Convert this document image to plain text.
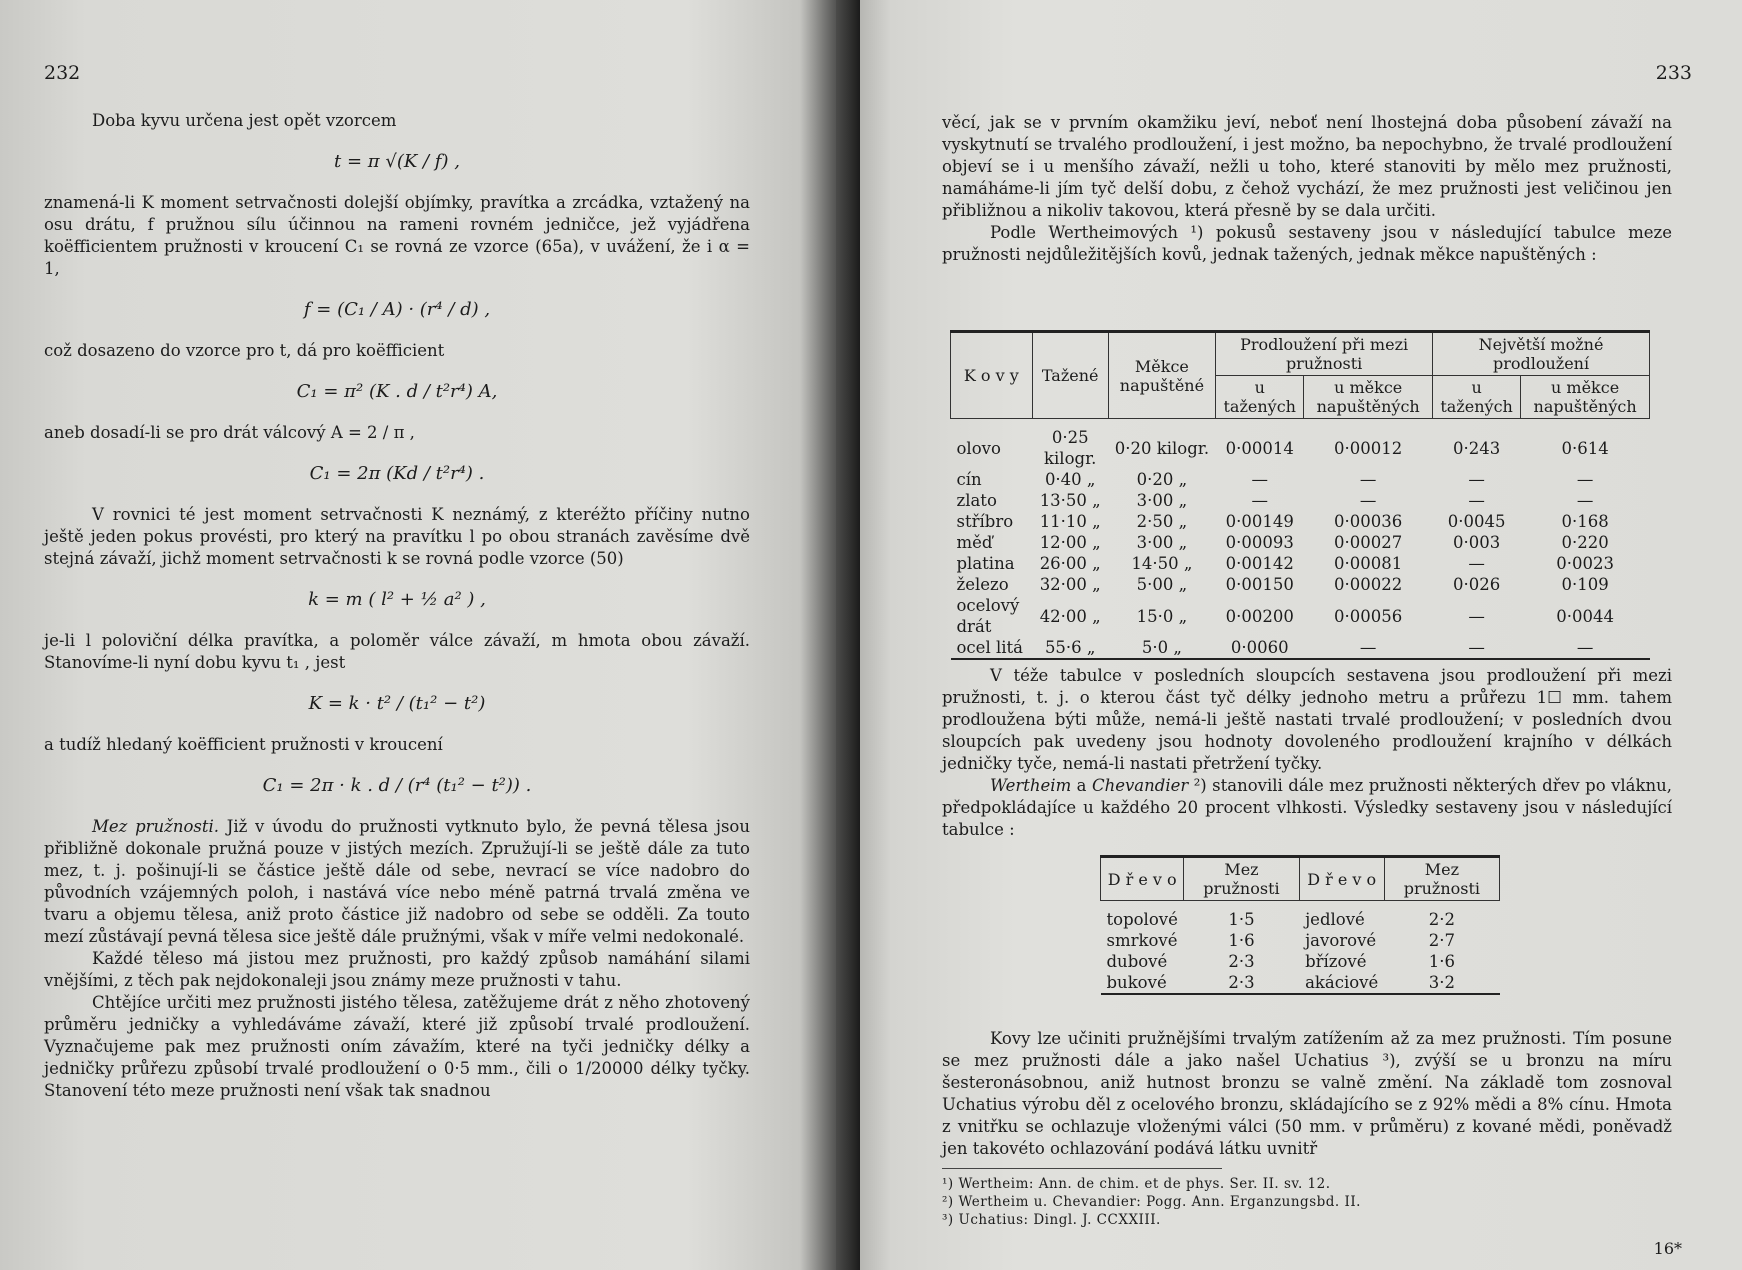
232

Doba kyvu určena jest opět vzorcem

t = π √(K / f) ,

znamená-li K moment setrvačnosti dolejší objímky, pravítka a zrcádka, vztažený na osu drátu, f pružnou sílu účinnou na rameni rovném jedničce, jež vyjádřena koëfficientem pružnosti v kroucení C₁ se rovná ze vzorce (65a), v uvážení, že i α = 1,

f = (C₁ / A) · (r⁴ / d) ,

což dosazeno do vzorce pro t, dá pro koëfficient

C₁ = π² (K . d / t²r⁴) A,

aneb dosadí-li se pro drát válcový A = 2 / π ,

C₁ = 2π (Kd / t²r⁴) .

V rovnici té jest moment setrvačnosti K neznámý, z kteréžto příčiny nutno ještě jeden pokus provésti, pro který na pravítku l po obou stranách zavěsíme dvě stejná závaží, jichž moment setrvačnosti k se rovná podle vzorce (50)

k = m ( l² + ½ a² ) ,

je-li l poloviční délka pravítka, a poloměr válce závaží, m hmota obou závaží. Stanovíme-li nyní dobu kyvu t₁ , jest

K = k · t² / (t₁² − t²)

a tudíž hledaný koëfficient pružnosti v kroucení

C₁ = 2π · k . d / (r⁴ (t₁² − t²)) .

Mez pružnosti. Již v úvodu do pružnosti vytknuto bylo, že pevná tělesa jsou přibližně dokonale pružná pouze v jistých mezích. Zpružují-li se ještě dále za tuto mez, t. j. pošinují-li se částice ještě dále od sebe, nevrací se více nadobro do původních vzájemných poloh, i nastává více nebo méně patrná trvalá změna ve tvaru a objemu tělesa, aniž proto částice již nadobro od sebe se odděli. Za touto mezí zůstávají pevná tělesa sice ještě dále pružnými, však v míře velmi nedokonalé.

Každé těleso má jistou mez pružnosti, pro každý způsob namáhání silami vnějšími, z těch pak nejdokonaleji jsou známy meze pružnosti v tahu.

Chtějíce určiti mez pružnosti jistého tělesa, zatěžujeme drát z něho zhotovený průměru jedničky a vyhledáváme závaží, které již způsobí trvalé prodloužení. Vyznačujeme pak mez pružnosti oním závažím, které na tyči jedničky délky a jedničky průřezu způsobí trvalé prodloužení o 0·5 mm., čili o 1/20000 délky tyčky. Stanovení této meze pružnosti není však tak snadnou

233

věcí, jak se v prvním okamžiku jeví, neboť není lhostejná doba působení závaží na vyskytnutí se trvalého prodloužení, i jest možno, ba nepochybno, že trvalé prodloužení objeví se i u menšího závaží, nežli u toho, které stanoviti by mělo mez pružnosti, namáháme-li jím tyč delší dobu, z čehož vychází, že mez pružnosti jest veličinou jen přibližnou a nikoliv takovou, která přesně by se dala určiti.

Podle Wertheimových ¹) pokusů sestaveny jsou v následující tabulce meze pružnosti nejdůležitějších kovů, jednak tažených, jednak měkce napuštěných :

V téže tabulce v posledních sloupcích sestavena jsou prodloužení při mezi pružnosti, t. j. o kterou část tyč délky jednoho metru a průřezu 1☐ mm. tahem prodloužena býti může, nemá-li ještě nastati trvalé prodloužení; v posledních dvou sloupcích pak uvedeny jsou hodnoty dovoleného prodloužení krajního v délkách jedničky tyče, nemá-li nastati přetržení tyčky.

Wertheim a Chevandier ²) stanovili dále mez pružnosti některých dřev po vláknu, předpokládajíce u každého 20 procent vlhkosti. Výsledky sestaveny jsou v následující tabulce :

Kovy lze učiniti pružnějšími trvalým zatížením až za mez pružnosti. Tím posune se mez pružnosti dále a jako našel Uchatius ³), zvýší se u bronzu na míru šesteronásobnou, aniž hutnost bronzu se valně změní. Na základě tom zosnoval Uchatius výrobu děl z ocelového bronzu, skládajícího se z 92% mědi a 8% cínu. Hmota z vnitřku se ochlazuje vloženými válci (50 mm. v průměru) z kované mědi, poněvadž jen takovéto ochlazování podává látku uvnitř

¹) Wertheim: Ann. de chim. et de phys. Ser. II. sv. 12.
²) Wertheim u. Chevandier: Pogg. Ann. Erganzungsbd. II.
³) Uchatius: Dingl. J. CCXXIII.
16*
K o v y	Tažené	Měkce napuštěné	Prodloužení při mezi pružnosti		Největší možné prodloužení	
			u tažených	u měkce napuštěných	u tažených	u měkce napuštěných
olovo	0·25 kilogr.	0·20 kilogr.	0·00014	0·00012	0·243	0·614
cín	0·40 „	0·20 „	—	—	—	—
zlato	13·50 „	3·00 „	—	—	—	—
stříbro	11·10 „	2·50 „	0·00149	0·00036	0·0045	0·168
měď	12·00 „	3·00 „	0·00093	0·00027	0·003	0·220
platina	26·00 „	14·50 „	0·00142	0·00081	—	0·0023
železo	32·00 „	5·00 „	0·00150	0·00022	0·026	0·109
ocelový drát	42·00 „	15·0 „	0·00200	0·00056	—	0·0044
ocel litá	55·6 „	5·0 „	0·0060	—	—	—
D ř e v o	Mez pružnosti	D ř e v o	Mez pružnosti
topolové	1·5	jedlové	2·2
smrkové	1·6	javorové	2·7
dubové	2·3	břízové	1·6
bukové	2·3	akáciové	3·2
